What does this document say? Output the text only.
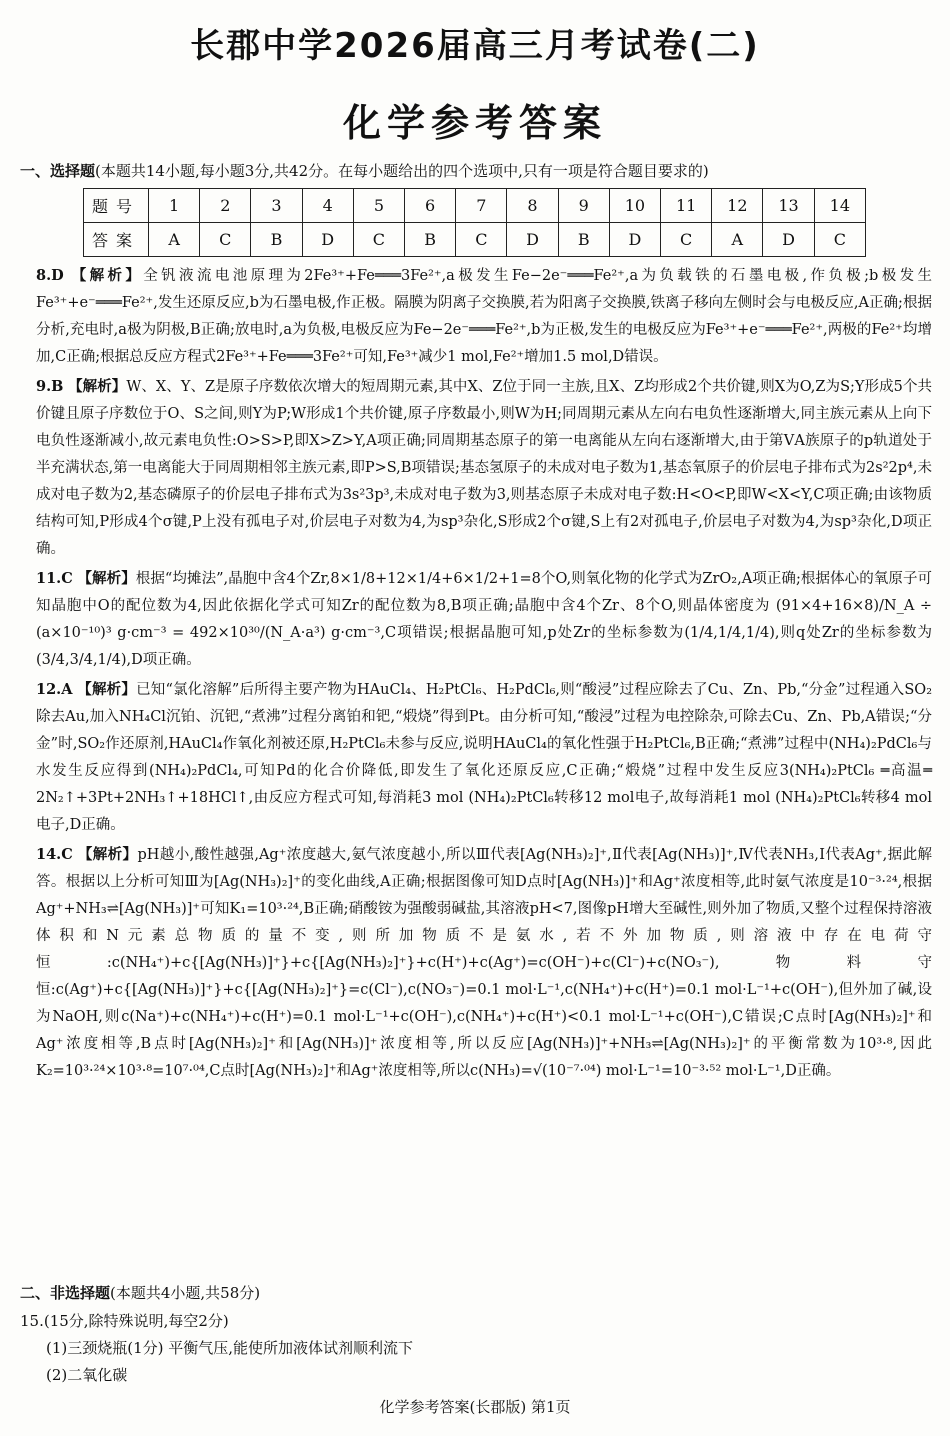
长郡中学2026届高三月考试卷(二)
化学参考答案
一、选择题(本题共14小题,每小题3分,共42分。在每小题给出的四个选项中,只有一项是符合题目要求的)
题号	1	2	3	4	5	6	7	8	9	10	11	12	13	14
答案	A	C	B	D	C	B	C	D	B	D	C	A	D	C
8.D 【解析】全钒液流电池原理为2Fe³⁺+Fe═══3Fe²⁺,a极发生Fe−2e⁻═══Fe²⁺,a为负载铁的石墨电极,作负极;b极发生Fe³⁺+e⁻═══Fe²⁺,发生还原反应,b为石墨电极,作正极。隔膜为阴离子交换膜,若为阳离子交换膜,铁离子移向左侧时会与电极反应,A正确;根据分析,充电时,a极为阴极,B正确;放电时,a为负极,电极反应为Fe−2e⁻═══Fe²⁺,b为正极,发生的电极反应为Fe³⁺+e⁻═══Fe²⁺,两极的Fe²⁺均增加,C正确;根据总反应方程式2Fe³⁺+Fe═══3Fe²⁺可知,Fe³⁺减少1 mol,Fe²⁺增加1.5 mol,D错误。
9.B 【解析】W、X、Y、Z是原子序数依次增大的短周期元素,其中X、Z位于同一主族,且X、Z均形成2个共价键,则X为O,Z为S;Y形成5个共价键且原子序数位于O、S之间,则Y为P;W形成1个共价键,原子序数最小,则W为H;同周期元素从左向右电负性逐渐增大,同主族元素从上向下电负性逐渐减小,故元素电负性:O>S>P,即X>Z>Y,A项正确;同周期基态原子的第一电离能从左向右逐渐增大,由于第ⅤA族原子的p轨道处于半充满状态,第一电离能大于同周期相邻主族元素,即P>S,B项错误;基态氢原子的未成对电子数为1,基态氧原子的价层电子排布式为2s²2p⁴,未成对电子数为2,基态磷原子的价层电子排布式为3s²3p³,未成对电子数为3,则基态原子未成对电子数:H<O<P,即W<X<Y,C项正确;由该物质结构可知,P形成4个σ键,P上没有孤电子对,价层电子对数为4,为sp³杂化,S形成2个σ键,S上有2对孤电子,价层电子对数为4,为sp³杂化,D项正确。
11.C 【解析】根据“均摊法”,晶胞中含4个Zr,8×1/8+12×1/4+6×1/2+1=8个O,则氧化物的化学式为ZrO₂,A项正确;根据体心的氧原子可知晶胞中O的配位数为4,因此依据化学式可知Zr的配位数为8,B项正确;晶胞中含4个Zr、8个O,则晶体密度为 (91×4+16×8)/N_A ÷ (a×10⁻¹⁰)³ g·cm⁻³ = 492×10³⁰/(N_A·a³) g·cm⁻³,C项错误;根据晶胞可知,p处Zr的坐标参数为(1/4,1/4,1/4),则q处Zr的坐标参数为(3/4,3/4,1/4),D项正确。
12.A 【解析】已知“氯化溶解”后所得主要产物为HAuCl₄、H₂PtCl₆、H₂PdCl₆,则“酸浸”过程应除去了Cu、Zn、Pb,“分金”过程通入SO₂除去Au,加入NH₄Cl沉铂、沉钯,“煮沸”过程分离铂和钯,“煅烧”得到Pt。由分析可知,“酸浸”过程为电控除杂,可除去Cu、Zn、Pb,A错误;“分金”时,SO₂作还原剂,HAuCl₄作氧化剂被还原,H₂PtCl₆未参与反应,说明HAuCl₄的氧化性强于H₂PtCl₆,B正确;“煮沸”过程中(NH₄)₂PdCl₆与水发生反应得到(NH₄)₂PdCl₄,可知Pd的化合价降低,即发生了氧化还原反应,C正确;“煅烧”过程中发生反应3(NH₄)₂PtCl₆ ═高温═ 2N₂↑+3Pt+2NH₃↑+18HCl↑,由反应方程式可知,每消耗3 mol (NH₄)₂PtCl₆转移12 mol电子,故每消耗1 mol (NH₄)₂PtCl₆转移4 mol电子,D正确。
14.C 【解析】pH越小,酸性越强,Ag⁺浓度越大,氨气浓度越小,所以Ⅲ代表[Ag(NH₃)₂]⁺,Ⅱ代表[Ag(NH₃)]⁺,Ⅳ代表NH₃,Ⅰ代表Ag⁺,据此解答。根据以上分析可知Ⅲ为[Ag(NH₃)₂]⁺的变化曲线,A正确;根据图像可知D点时[Ag(NH₃)]⁺和Ag⁺浓度相等,此时氨气浓度是10⁻³·²⁴,根据Ag⁺+NH₃⇌[Ag(NH₃)]⁺可知K₁=10³·²⁴,B正确;硝酸铵为强酸弱碱盐,其溶液pH<7,图像pH增大至碱性,则外加了物质,又整个过程保持溶液体积和N元素总物质的量不变,则所加物质不是氨水,若不外加物质,则溶液中存在电荷守恒:c(NH₄⁺)+c{[Ag(NH₃)]⁺}+c{[Ag(NH₃)₂]⁺}+c(H⁺)+c(Ag⁺)=c(OH⁻)+c(Cl⁻)+c(NO₃⁻),物料守恒:c(Ag⁺)+c{[Ag(NH₃)]⁺}+c{[Ag(NH₃)₂]⁺}=c(Cl⁻),c(NO₃⁻)=0.1 mol·L⁻¹,c(NH₄⁺)+c(H⁺)=0.1 mol·L⁻¹+c(OH⁻),但外加了碱,设为NaOH,则c(Na⁺)+c(NH₄⁺)+c(H⁺)=0.1 mol·L⁻¹+c(OH⁻),c(NH₄⁺)+c(H⁺)<0.1 mol·L⁻¹+c(OH⁻),C错误;C点时[Ag(NH₃)₂]⁺和Ag⁺浓度相等,B点时[Ag(NH₃)₂]⁺和[Ag(NH₃)]⁺浓度相等,所以反应[Ag(NH₃)]⁺+NH₃⇌[Ag(NH₃)₂]⁺的平衡常数为10³·⁸,因此K₂=10³·²⁴×10³·⁸=10⁷·⁰⁴,C点时[Ag(NH₃)₂]⁺和Ag⁺浓度相等,所以c(NH₃)=√(10⁻⁷·⁰⁴) mol·L⁻¹=10⁻³·⁵² mol·L⁻¹,D正确。
二、非选择题(本题共4小题,共58分)
15.(15分,除特殊说明,每空2分)
(1)三颈烧瓶(1分) 平衡气压,能使所加液体试剂顺利流下
(2)二氧化碳
化学参考答案(长郡版) 第1页
